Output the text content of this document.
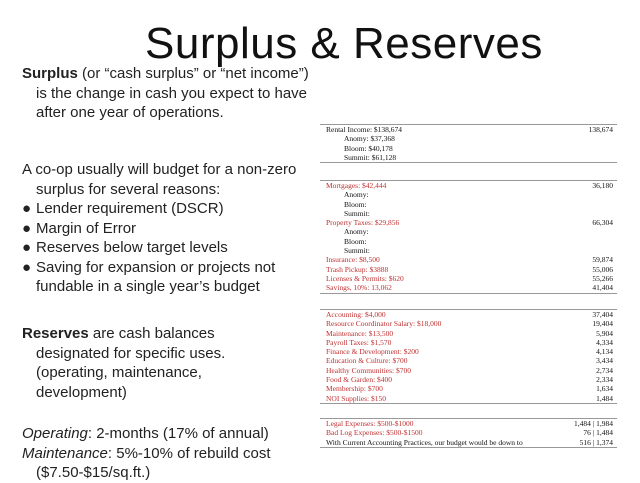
Surplus & Reserves

Surplus (or “cash surplus” or “net income”) is the change in cash you expect to have after one year of operations.

A co-op usually will budget for a non-zero surplus for several reasons:

● Lender requirement (DSCR)
● Margin of Error
● Reserves below target levels
● Saving for expansion or projects not fundable in a single year’s budget

Reserves are cash balances designated for specific uses. (operating, maintenance, development)

Operating: 2-months (17% of annual)

Maintenance: 5%-10% of rebuild cost ($7.50-$15/sq.ft.)

Rental Income: $138,674	138,674
Anomy: $37,368
Bloom: $40,178
Summit: $61,128
Mortgages: $42,444	36,180
Anomy:
Bloom:
Summit:
Property Taxes: $29,856	66,304
Anomy:
Bloom:
Summit:
Insurance: $8,500	59,874
Trash Pickup: $3888	55,006
Licenses & Permits: $620	55,266
Savings, 10%: 13,062	41,404
Accounting: $4,000	37,404
Resource Coordinator Salary: $18,000	19,404
Maintenance: $13,500	5,904
Payroll Taxes: $1,570	4,334
Finance & Development: $200	4,134
Education & Culture: $700	3,434
Healthy Communities: $700	2,734
Food & Garden: $400	2,334
Membership: $700	1,634
NOI Supplies: $150	1,484
Legal Expenses: $500-$1000	1,484 | 1,984
Bad Log Expenses: $500-$1500	76 | 1,484
With Current Accounting Practices, our budget would be down to	516 | 1,374
